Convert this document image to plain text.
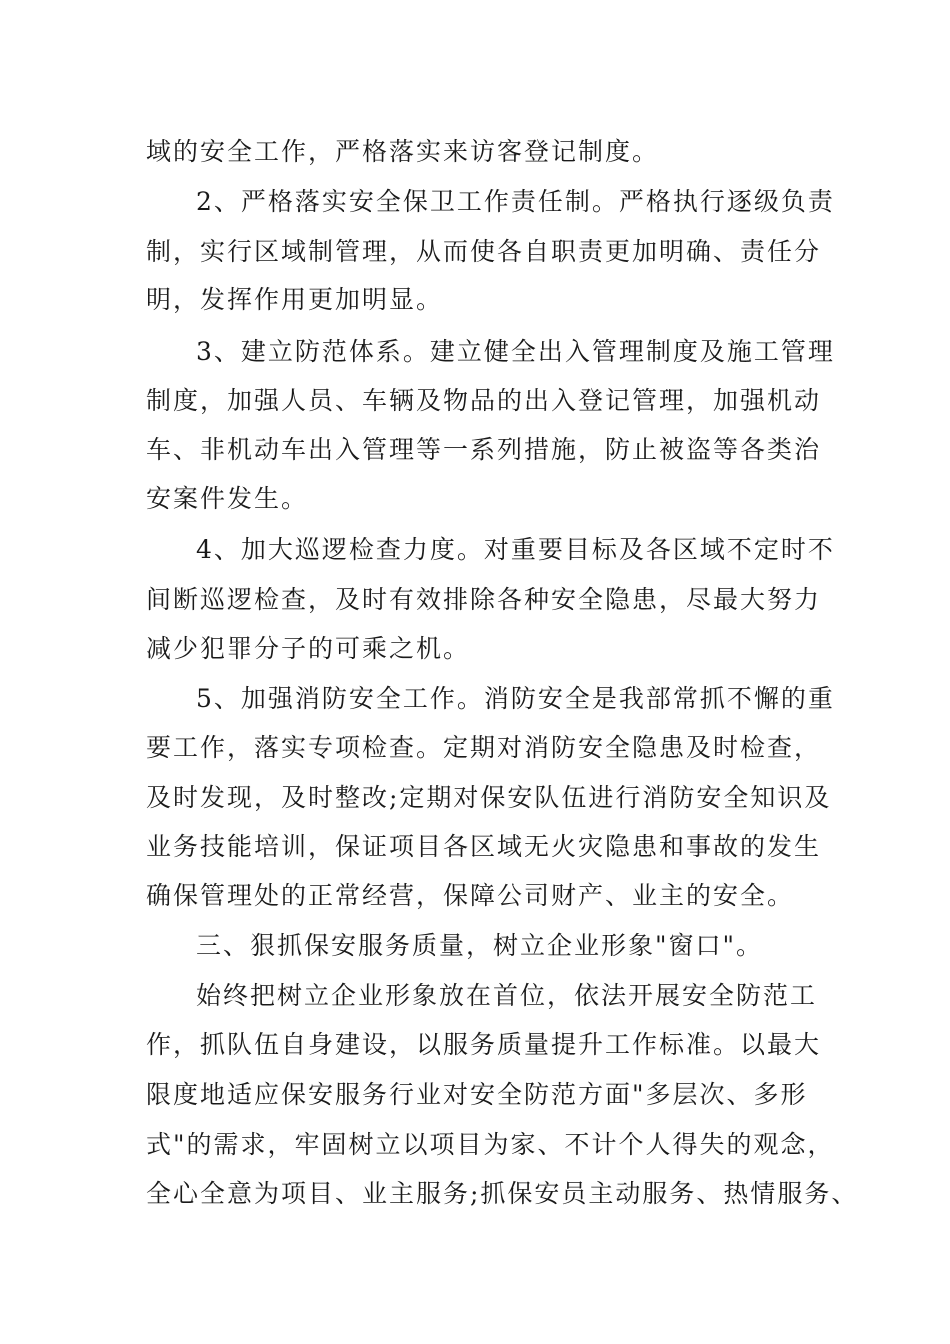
域的安全工作，严格落实来访客登记制度。
2、严格落实安全保卫工作责任制。严格执行逐级负责
制，实行区域制管理，从而使各自职责更加明确、责任分
明，发挥作用更加明显。
3、建立防范体系。建立健全出入管理制度及施工管理
制度，加强人员、车辆及物品的出入登记管理，加强机动
车、非机动车出入管理等一系列措施，防止被盗等各类治
安案件发生。
4、加大巡逻检查力度。对重要目标及各区域不定时不
间断巡逻检查，及时有效排除各种安全隐患，尽最大努力
减少犯罪分子的可乘之机。
5、加强消防安全工作。消防安全是我部常抓不懈的重
要工作，落实专项检查。定期对消防安全隐患及时检查，
及时发现，及时整改;定期对保安队伍进行消防安全知识及
业务技能培训，保证项目各区域无火灾隐患和事故的发生
确保管理处的正常经营，保障公司财产、业主的安全。
三、狠抓保安服务质量，树立企业形象"窗口"。
始终把树立企业形象放在首位，依法开展安全防范工
作，抓队伍自身建设，以服务质量提升工作标准。以最大
限度地适应保安服务行业对安全防范方面"多层次、多形
式"的需求，牢固树立以项目为家、不计个人得失的观念，
全心全意为项目、业主服务;抓保安员主动服务、热情服务、
